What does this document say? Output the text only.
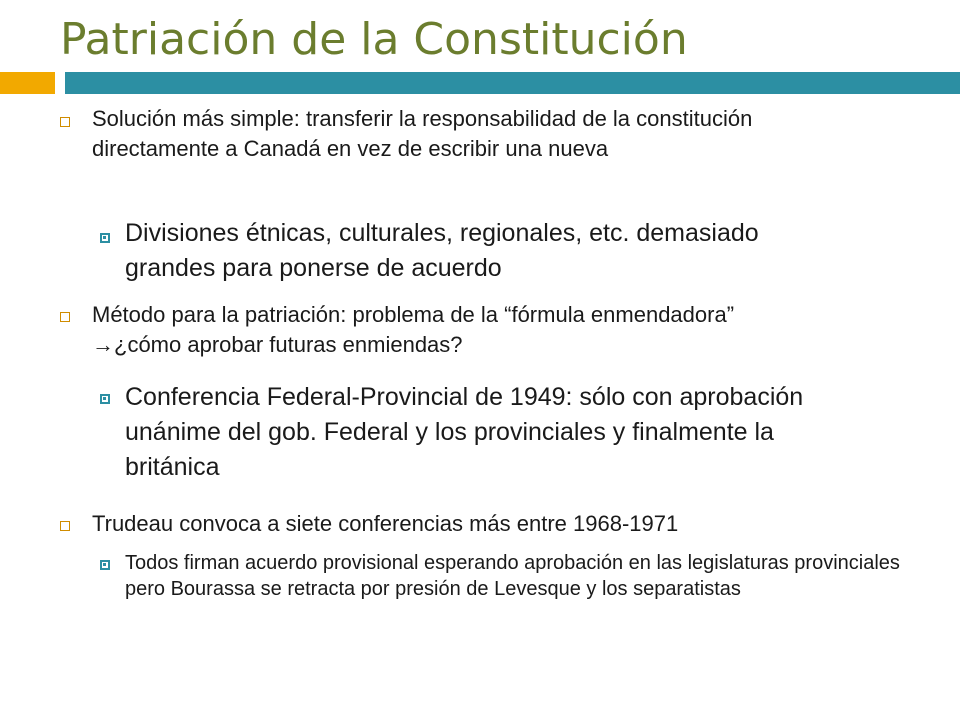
Patriación de la Constitución
Solución más simple: transferir la responsabilidad de la constitución directamente a Canadá en vez de escribir una nueva
Divisiones étnicas, culturales, regionales, etc. demasiado grandes para ponerse de acuerdo
Método para la patriación: problema de la “fórmula enmendadora” →¿cómo aprobar futuras enmiendas?
Conferencia Federal-Provincial de 1949: sólo con aprobación unánime del gob. Federal y los provinciales y finalmente la británica
Trudeau convoca a siete conferencias más entre 1968-1971
Todos firman acuerdo provisional esperando aprobación en las legislaturas provinciales pero Bourassa se retracta por presión de Levesque y los separatistas
